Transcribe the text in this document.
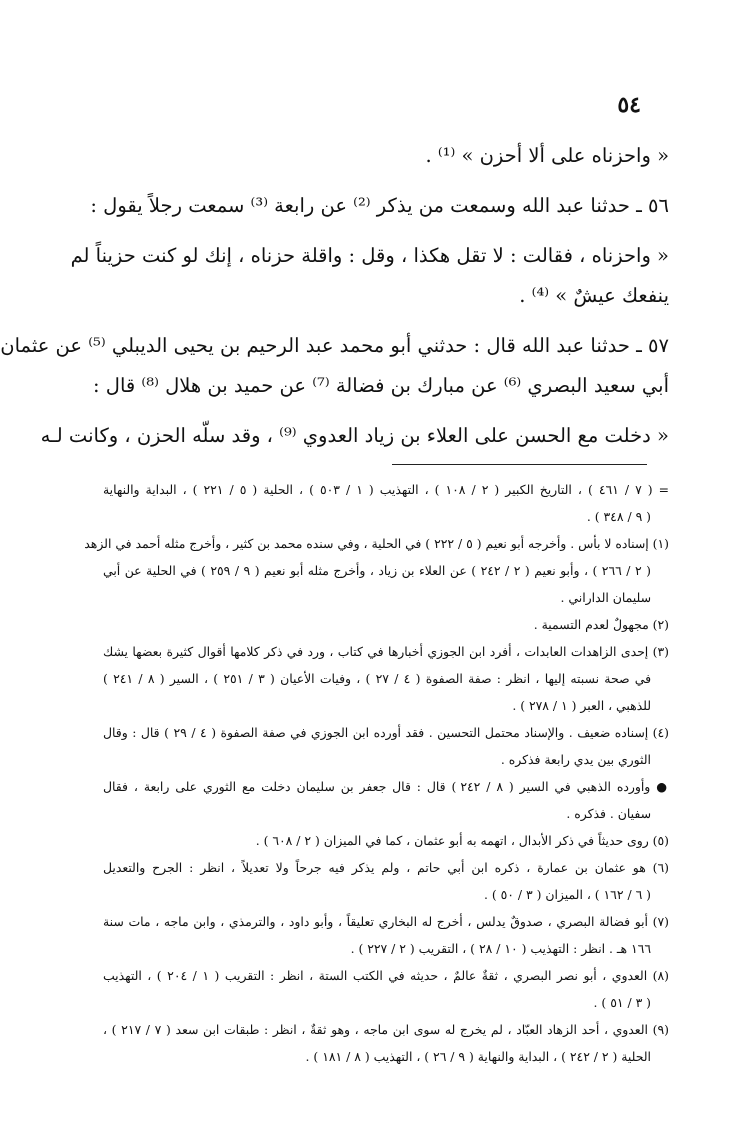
٥٤
« واحزناه على ألا أحزن » ⁽¹⁾ .
٥٦ ـ حدثنا عبد الله وسمعت من يذكر ⁽²⁾ عن رابعة ⁽³⁾ سمعت رجلاً يقول :
« واحزناه ، فقالت : لا تقل هكذا ، وقل : واقلة حزناه ، إنك لو كنت حزيناً لم
ينفعك عيشٌ » ⁽⁴⁾ .
٥٧ ـ حدثنا عبد الله قال : حدثني أبو محمد عبد الرحيم بن يحيى الديبلي ⁽⁵⁾ عن عثمان
أبي سعيد البصري ⁽⁶⁾ عن مبارك بن فضالة ⁽⁷⁾ عن حميد بن هلال ⁽⁸⁾ قال :
« دخلت مع الحسن على العلاء بن زياد العدوي ⁽⁹⁾ ، وقد سلّه الحزن ، وكانت لـه
= ( ٧ / ٤٦١ ) ، التاريخ الكبير ( ٢ / ١٠٨ ) ، التهذيب ( ١ / ٥٠٣ ) ، الحلية ( ٥ / ٢٢١ ) ، البداية والنهاية
( ٩ / ٣٤٨ ) .
(١) إسناده لا بأس . وأخرجه أبو نعيم ( ٥ / ٢٢٢ ) في الحلية ، وفي سنده محمد بن كثير ، وأخرج مثله أحمد في الزهد
( ٢ / ٢٦٦ ) ، وأبو نعيم ( ٢ / ٢٤٢ ) عن العلاء بن زياد ، وأخرج مثله أبو نعيم ( ٩ / ٢٥٩ ) في الحلية عن أبي
سليمان الداراني .
(٢) مجهولٌ لعدم التسمية .
(٣) إحدى الزاهدات العابدات ، أفرد ابن الجوزي أخبارها في كتاب ، ورد في ذكر كلامها أقوال كثيرة بعضها يشك
في صحة نسبته إليها ، انظر : صفة الصفوة ( ٤ / ٢٧ ) ، وفيات الأعيان ( ٣ / ٢٥١ ) ، السير ( ٨ / ٢٤١ )
للذهبي ، العبر ( ١ / ٢٧٨ ) .
(٤) إسناده ضعيف . والإسناد محتمل التحسين . فقد أورده ابن الجوزي في صفة الصفوة ( ٤ / ٢٩ ) قال : وقال
الثوري بين يدي رابعة فذكره .
● وأورده الذهبي في السير ( ٨ / ٢٤٢ ) قال : قال جعفر بن سليمان دخلت مع الثوري على رابعة ، فقال
سفيان . فذكره .
(٥) روى حديثاً في ذكر الأبدال ، اتهمه به أبو عثمان ، كما في الميزان ( ٢ / ٦٠٨ ) .
(٦) هو عثمان بن عمارة ، ذكره ابن أبي حاتم ، ولم يذكر فيه جرحاً ولا تعديلاً ، انظر : الجرح والتعديل
( ٦ / ١٦٢ ) ، الميزان ( ٣ / ٥٠ ) .
(٧) أبو فضالة البصري ، صدوقٌ يدلس ، أخرج له البخاري تعليقاً ، وأبو داود ، والترمذي ، وابن ماجه ، مات سنة
١٦٦ هـ . انظر : التهذيب ( ١٠ / ٢٨ ) ، التقريب ( ٢ / ٢٢٧ ) .
(٨) العدوي ، أبو نصر البصري ، ثقةٌ عالمٌ ، حديثه في الكتب الستة ، انظر : التقريب ( ١ / ٢٠٤ ) ، التهذيب
( ٣ / ٥١ ) .
(٩) العدوي ، أحد الزهاد العبّاد ، لم يخرج له سوى ابن ماجه ، وهو ثقةٌ ، انظر : طبقات ابن سعد ( ٧ / ٢١٧ ) ،
الحلية ( ٢ / ٢٤٢ ) ، البداية والنهاية ( ٩ / ٢٦ ) ، التهذيب ( ٨ / ١٨١ ) .
